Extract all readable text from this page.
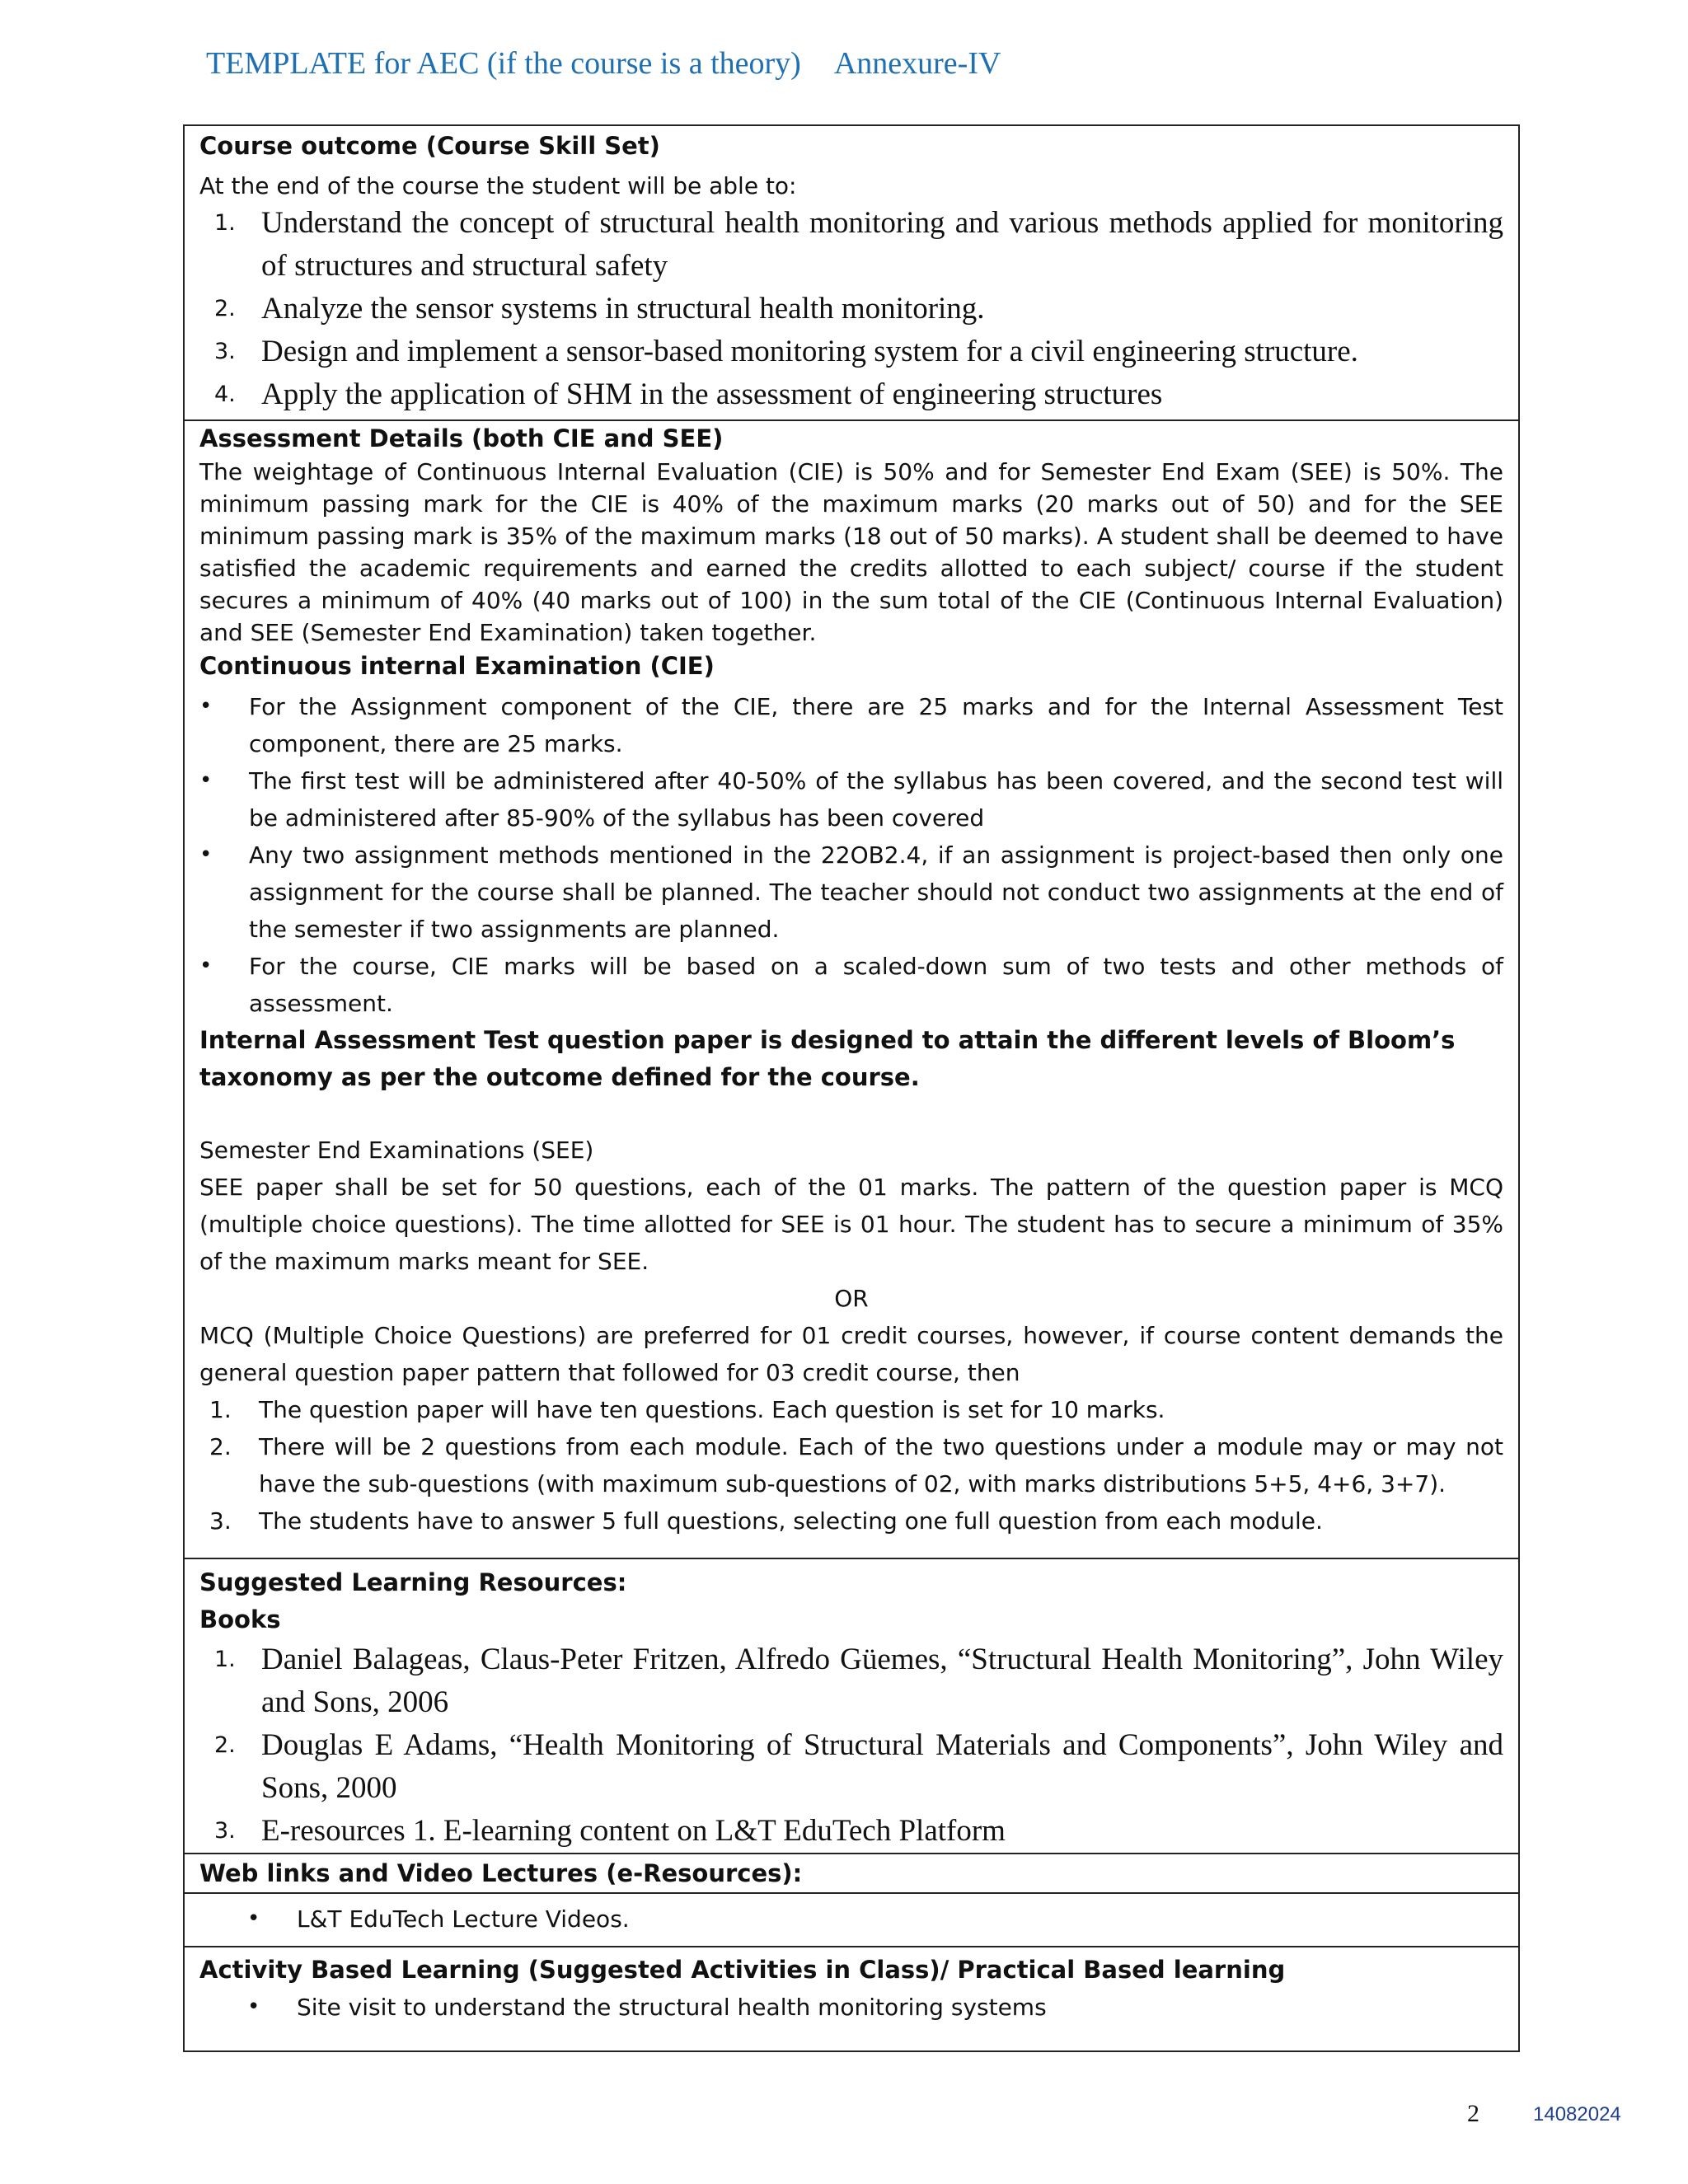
TEMPLATE for AEC (if the course is a theory) Annexure-IV
Course outcome (Course Skill Set)
At the end of the course the student will be able to:
1. Understand the concept of structural health monitoring and various methods applied for monitoring of structures and structural safety
2. Analyze the sensor systems in structural health monitoring.
3. Design and implement a sensor-based monitoring system for a civil engineering structure.
4. Apply the application of SHM in the assessment of engineering structures
Assessment Details (both CIE and SEE)
The weightage of Continuous Internal Evaluation (CIE) is 50% and for Semester End Exam (SEE) is 50%. The minimum passing mark for the CIE is 40% of the maximum marks (20 marks out of 50) and for the SEE minimum passing mark is 35% of the maximum marks (18 out of 50 marks). A student shall be deemed to have satisfied the academic requirements and earned the credits allotted to each subject/ course if the student secures a minimum of 40% (40 marks out of 100) in the sum total of the CIE (Continuous Internal Evaluation) and SEE (Semester End Examination) taken together.
Continuous internal Examination (CIE)
•	For the Assignment component of the CIE, there are 25 marks and for the Internal Assessment Test component, there are 25 marks.
•	The first test will be administered after 40-50% of the syllabus has been covered, and the second test will be administered after 85-90% of the syllabus has been covered
•	Any two assignment methods mentioned in the 22OB2.4, if an assignment is project-based then only one assignment for the course shall be planned. The teacher should not conduct two assignments at the end of the semester if two assignments are planned.
•	For the course, CIE marks will be based on a scaled-down sum of two tests and other methods of assessment.
Internal Assessment Test question paper is designed to attain the different levels of Bloom’s taxonomy as per the outcome defined for the course.
Semester End Examinations (SEE)
SEE paper shall be set for 50 questions, each of the 01 marks. The pattern of the question paper is MCQ (multiple choice questions). The time allotted for SEE is 01 hour. The student has to secure a minimum of 35% of the maximum marks meant for SEE.
OR
MCQ (Multiple Choice Questions) are preferred for 01 credit courses, however, if course content demands the general question paper pattern that followed for 03 credit course, then
1.	The question paper will have ten questions. Each question is set for 10 marks.
2.	There will be 2 questions from each module. Each of the two questions under a module may or may not have the sub-questions (with maximum sub-questions of 02, with marks distributions 5+5, 4+6, 3+7).
3.	The students have to answer 5 full questions, selecting one full question from each module.
Suggested Learning Resources:
Books
1. Daniel Balageas, Claus-Peter Fritzen, Alfredo Güemes, “Structural Health Monitoring”, John Wiley and Sons, 2006
2. Douglas E Adams, “Health Monitoring of Structural Materials and Components”, John Wiley and Sons, 2000
3. E-resources 1. E-learning content on L&T EduTech Platform
Web links and Video Lectures (e-Resources):
•	L&T EduTech Lecture Videos.
Activity Based Learning (Suggested Activities in Class)/ Practical Based learning
•	Site visit to understand the structural health monitoring systems
2	14082024
